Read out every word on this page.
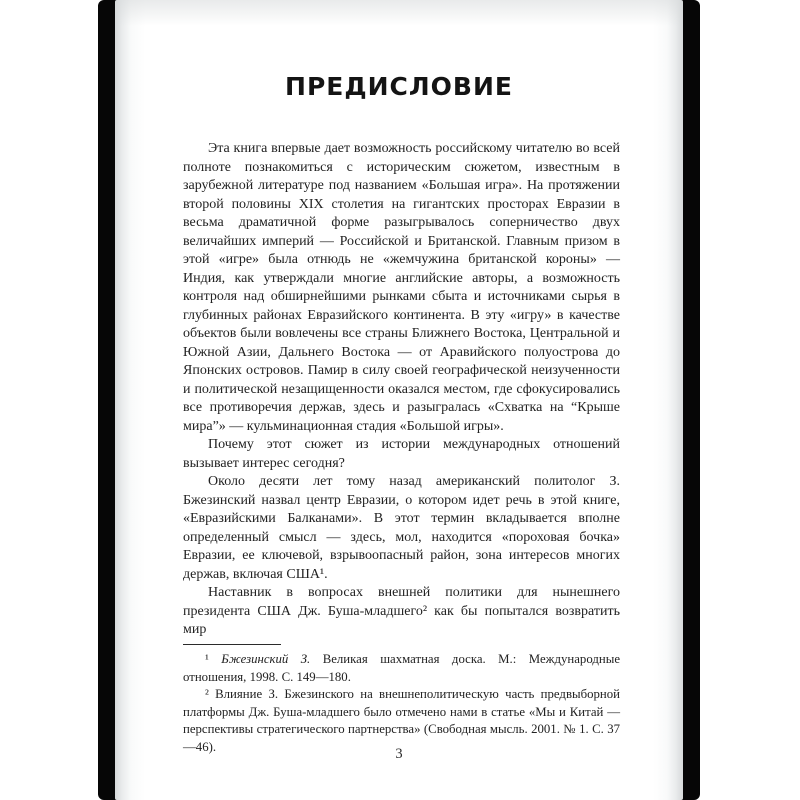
ПРЕДИСЛОВИЕ

Эта книга впервые дает возможность российскому читателю во всей полноте познакомиться с историческим сюжетом, известным в зарубежной литературе под названием «Большая игра». На протяжении второй половины XIX столетия на гигантских просторах Евразии в весьма драматичной форме разыгрывалось соперничество двух величайших империй — Российской и Британской. Главным призом в этой «игре» была отнюдь не «жемчужина британской короны» — Индия, как утверждали многие английские авторы, а возможность контроля над обширнейшими рынками сбыта и источниками сырья в глубинных районах Евразийского континента. В эту «игру» в качестве объектов были вовлечены все страны Ближнего Востока, Центральной и Южной Азии, Дальнего Востока — от Аравийского полуострова до Японских островов. Памир в силу своей географической неизученности и политической незащищенности оказался местом, где сфокусировались все противоречия держав, здесь и разыгралась «Схватка на “Крыше мира”» — кульминационная стадия «Большой игры».

Почему этот сюжет из истории международных отношений вызывает интерес сегодня?

Около десяти лет тому назад американский политолог З. Бжезинский назвал центр Евразии, о котором идет речь в этой книге, «Евразийскими Балканами». В этот термин вкладывается вполне определенный смысл — здесь, мол, находится «пороховая бочка» Евразии, ее ключевой, взрывоопасный район, зона интересов многих держав, включая США¹.

Наставник в вопросах внешней политики для нынешнего президента США Дж. Буша-младшего² как бы попытался возвратить мир

¹ Бжезинский З. Великая шахматная доска. М.: Международные отношения, 1998. С. 149—180.

² Влияние З. Бжезинского на внешнеполитическую часть предвыборной платформы Дж. Буша-младшего было отмечено нами в статье «Мы и Китай — перспективы стратегического партнерства» (Свободная мысль. 2001. № 1. С. 37—46).	3
